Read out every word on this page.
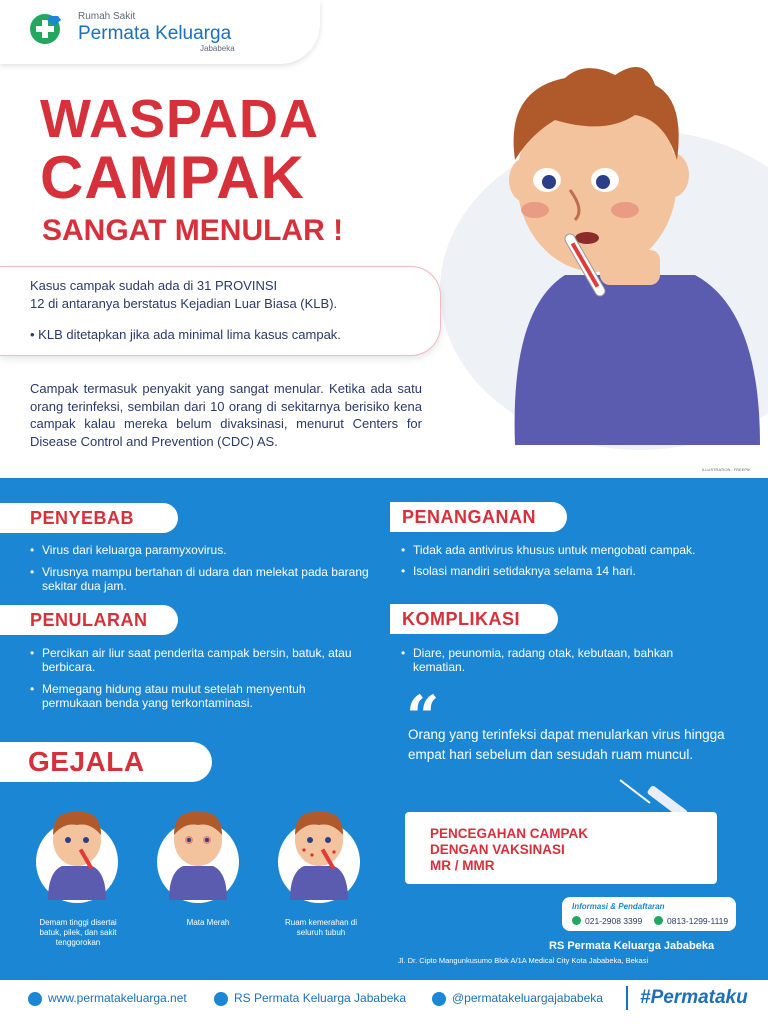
Rumah Sakit
Permata Keluarga
Jababeka
WASPADA
CAMPAK
SANGAT MENULAR !
Kasus campak sudah ada di 31 PROVINSI
12 di antaranya berstatus Kejadian Luar Biasa (KLB).
• KLB ditetapkan jika ada minimal lima kasus campak.
Campak termasuk penyakit yang sangat menular. Ketika ada satu orang terinfeksi, sembilan dari 10 orang di sekitarnya berisiko kena campak kalau mereka belum divaksinasi, menurut Centers for Disease Control and Prevention (CDC) AS.
ILLUSTRATION : FREEPIK
PENYEBAB
• Virus dari keluarga paramyxovirus.
• Virusnya mampu bertahan di udara dan melekat pada barang sekitar dua jam.
PENANGANAN
• Tidak ada antivirus khusus untuk mengobati campak.
• Isolasi mandiri setidaknya selama 14 hari.
PENULARAN
• Percikan air liur saat penderita campak bersin, batuk, atau berbicara.
• Memegang hidung atau mulut setelah menyentuh permukaan benda yang terkontaminasi.
KOMPLIKASI
• Diare, peunomia, radang otak, kebutaan, bahkan kematian.
“
Orang yang terinfeksi dapat menularkan virus hingga empat hari sebelum dan sesudah ruam muncul.
PENCEGAHAN CAMPAK
DENGAN VAKSINASI
MR / MMR
GEJALA
Demam tinggi disertai batuk, pilek, dan sakit tenggorokan
Mata Merah	Ruam kemerahan di seluruh tubuh
Informasi & Pendaftaran
021-2908 3399	0813-1299-1119
RS Permata Keluarga Jababeka
Jl. Dr. Cipto Mangunkusumo Blok A/1A Medical City Kota Jababeka, Bekasi
www.permatakeluarga.net	RS Permata Keluarga Jababeka	@permatakeluargajababeka #Permataku
